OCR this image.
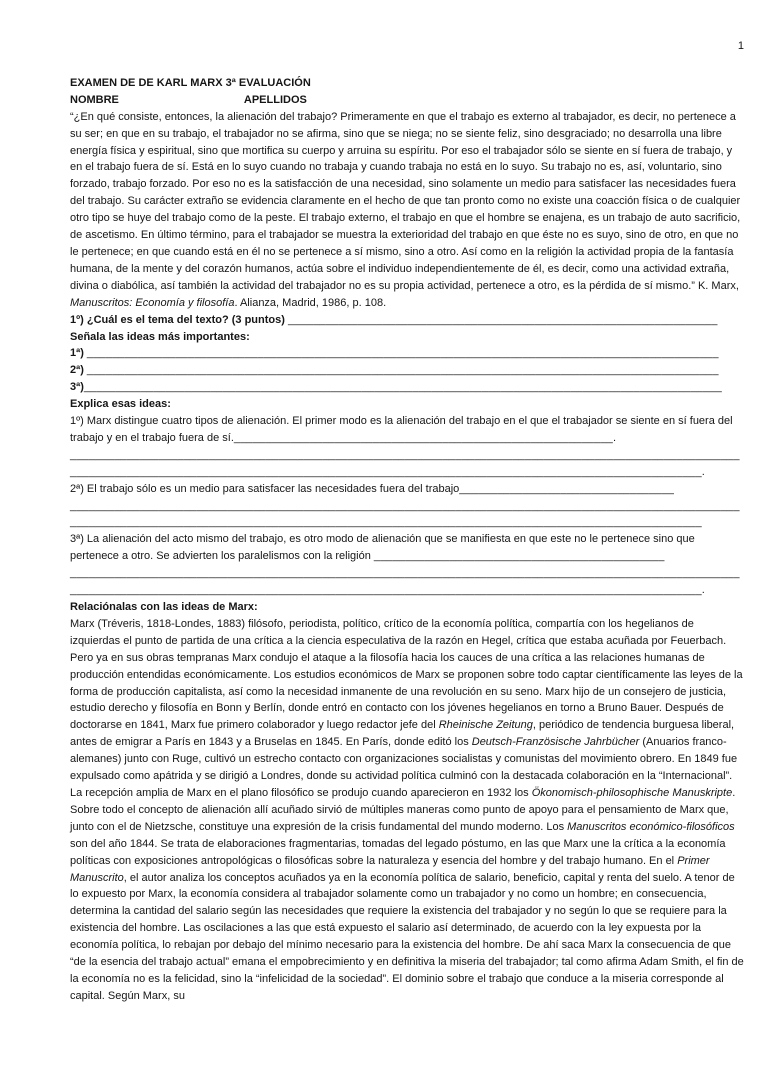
1

EXAMEN DE DE KARL MARX 3ª EVALUACIÓN

NOMBRE	APELLIDOS

“¿En qué consiste, entonces, la alienación del trabajo? Primeramente en que el trabajo es externo al trabajador, es decir, no pertenece a su ser; en que en su trabajo, el trabajador no se afirma, sino que se niega; no se siente feliz, sino desgraciado; no desarrolla una libre energía física y espiritual, sino que mortifica su cuerpo y arruina su espíritu. Por eso el trabajador sólo se siente en sí fuera de trabajo, y en el trabajo fuera de sí. Está en lo suyo cuando no trabaja y cuando trabaja no está en lo suyo. Su trabajo no es, así, voluntario, sino forzado, trabajo forzado. Por eso no es la satisfacción de una necesidad, sino solamente un medio para satisfacer las necesidades fuera del trabajo. Su carácter extraño se evidencia claramente en el hecho de que tan pronto como no existe una coacción física o de cualquier otro tipo se huye del trabajo como de la peste. El trabajo externo, el trabajo en que el hombre se enajena, es un trabajo de auto sacrificio, de ascetismo. En último término, para el trabajador se muestra la exterioridad del trabajo en que éste no es suyo, sino de otro, en que no le pertenece; en que cuando está en él no se pertenece a sí mismo, sino a otro. Así como en la religión la actividad propia de la fantasía humana, de la mente y del corazón humanos, actúa sobre el individuo independientemente de él, es decir, como una actividad extraña, divina o diabólica, así también la actividad del trabajador no es su propia actividad, pertenece a otro, es la pérdida de sí mismo.” K. Marx, Manuscritos: Economía y filosofía. Alianza, Madrid, 1986, p. 108.

1º) ¿Cuál es el tema del texto? (3 puntos) ____________________________________________________________________

Señala las ideas más importantes:

1ª) ____________________________________________________________________________________________________

2ª) ____________________________________________________________________________________________________

3ª)_____________________________________________________________________________________________________

Explica esas ideas:

1º) Marx distingue cuatro tipos de alienación. El primer modo es la alienación del trabajo en el que el trabajador se siente en sí fuera del trabajo y en el trabajo fuera de sí.____________________________________________________________.

______________________________________________________________________________________________________________________________________________________________________________________________________________.

2ª) El trabajo sólo es un medio para satisfacer las necesidades fuera del trabajo__________________________________

______________________________________________________________________________________________________________________________________________________________________________________________________________

3ª) La alienación del acto mismo del trabajo, es otro modo de alienación que se manifiesta en que este no le pertenece sino que pertenece a otro. Se advierten los paralelismos con la religión ______________________________________________

______________________________________________________________________________________________________________________________________________________________________________________________________________.

Relaciónalas con las ideas de Marx:

Marx (Tréveris, 1818-Londes, 1883) filósofo, periodista, político, crítico de la economía política, compartía con los hegelianos de izquierdas el punto de partida de una crítica a la ciencia especulativa de la razón en Hegel, crítica que estaba acuñada por Feuerbach. Pero ya en sus obras tempranas Marx condujo el ataque a la filosofía hacia los cauces de una crítica a las relaciones humanas de producción entendidas económicamente. Los estudios económicos de Marx se proponen sobre todo captar científicamente las leyes de la forma de producción capitalista, así como la necesidad inmanente de una revolución en su seno. Marx hijo de un consejero de justicia, estudio derecho y filosofía en Bonn y Berlín, donde entró en contacto con los jóvenes hegelianos en torno a Bruno Bauer. Después de doctorarse en 1841, Marx fue primero colaborador y luego redactor jefe del Rheinische Zeitung, periódico de tendencia burguesa liberal, antes de emigrar a París en 1843 y a Bruselas en 1845. En París, donde editó los Deutsch-Französische Jahrbücher (Anuarios franco-alemanes) junto con Ruge, cultivó un estrecho contacto con organizaciones socialistas y comunistas del movimiento obrero. En 1849 fue expulsado como apátrida y se dirigió a Londres, donde su actividad política culminó con la destacada colaboración en la “Internacional”. La recepción amplia de Marx en el plano filosófico se produjo cuando aparecieron en 1932 los Ökonomisch-philosophische Manuskripte. Sobre todo el concepto de alienación allí acuñado sirvió de múltiples maneras como punto de apoyo para el pensamiento de Marx que, junto con el de Nietzsche, constituye una expresión de la crisis fundamental del mundo moderno. Los Manuscritos económico-filosóficos son del año 1844. Se trata de elaboraciones fragmentarias, tomadas del legado póstumo, en las que Marx une la crítica a la economía políticas con exposiciones antropológicas o filosóficas sobre la naturaleza y esencia del hombre y del trabajo humano. En el Primer Manuscrito, el autor analiza los conceptos acuñados ya en la economía política de salario, beneficio, capital y renta del suelo. A tenor de lo expuesto por Marx, la economía considera al trabajador solamente como un trabajador y no como un hombre; en consecuencia, determina la cantidad del salario según las necesidades que requiere la existencia del trabajador y no según lo que se requiere para la existencia del hombre. Las oscilaciones a las que está expuesto el salario así determinado, de acuerdo con la ley expuesta por la economía política, lo rebajan por debajo del mínimo necesario para la existencia del hombre. De ahí saca Marx la consecuencia de que “de la esencia del trabajo actual” emana el empobrecimiento y en definitiva la miseria del trabajador; tal como afirma Adam Smith, el fin de la economía no es la felicidad, sino la “infelicidad de la sociedad”. El dominio sobre el trabajo que conduce a la miseria corresponde al capital. Según Marx, su
